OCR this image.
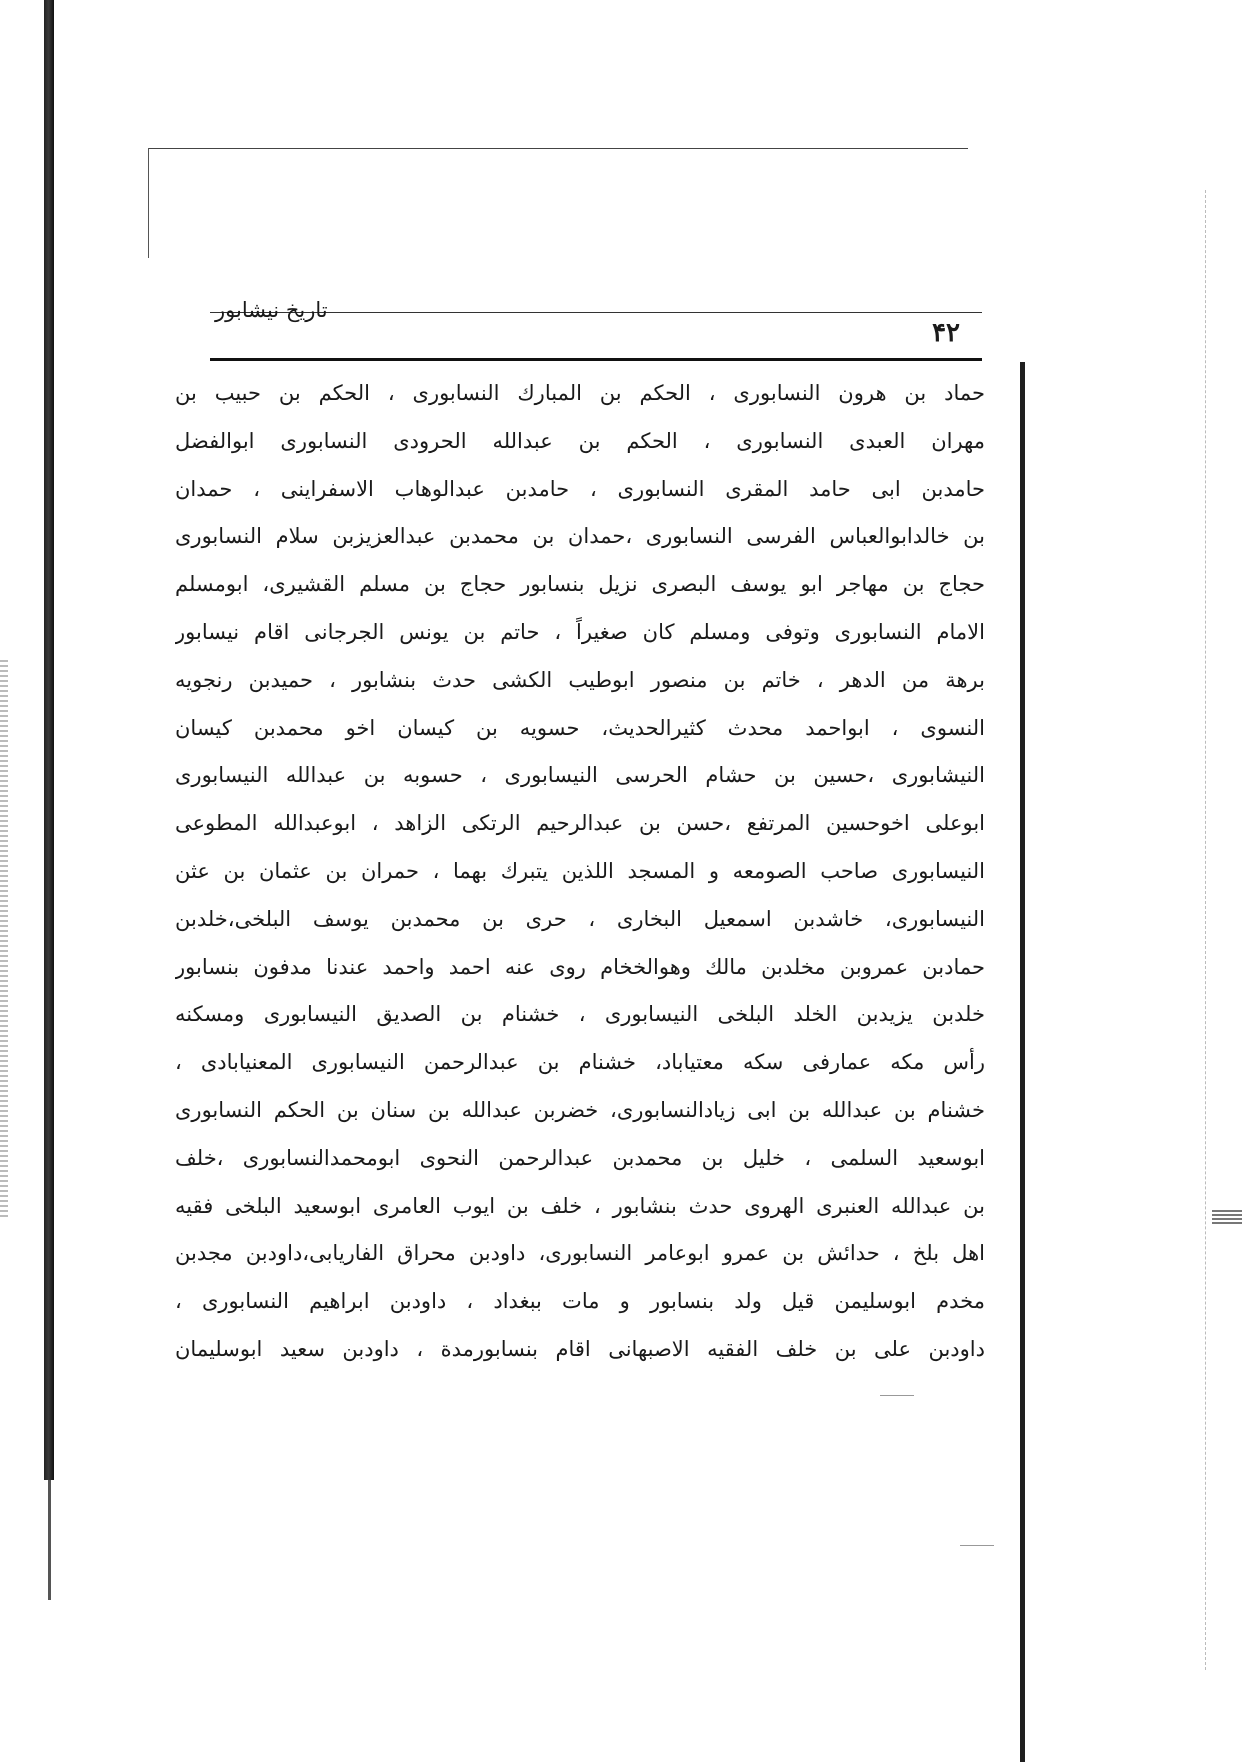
تاريخ نيشابور
۴۲
حماد بن هرون النسابوری ، الحکم بن المبارك النسابوری ، الحکم بن حبیب بن
مهران العبدی النسابوری ، الحکم بن عبدالله الحرودی النسابوری ابوالفضل
حامدبن ابی حامد المقری النسابوری ، حامدبن عبدالوهاب الاسفراینی ، حمدان
بن خالدابوالعباس الفرسی النسابوری ،حمدان بن محمدبن عبدالعزیزبن سلام النسابوری
حجاج بن مهاجر ابو یوسف البصری نزیل بنسابور حجاج بن مسلم القشیری، ابومسلم
الامام النسابوری وتوفی ومسلم کان صغیراً ، حاتم بن یونس الجرجانی اقام نیسابور
برهة من الدهر ، خاتم بن منصور ابوطیب الکشی حدث بنشابور ، حمیدبن رنجویه
النسوی ، ابواحمد محدث کثیرالحدیث، حسویه بن کیسان اخو محمدبن کیسان
النیشابوری ،حسین بن حشام الحرسی النیسابوری ، حسوبه بن عبدالله النیسابوری
ابوعلی اخوحسین المرتفع ،حسن بن عبدالرحیم الرتکی الزاهد ، ابوعبدالله المطوعی
النیسابوری صاحب الصومعه و المسجد اللذین یتبرك بهما ، حمران بن عثمان بن عثن
النیسابوری، خاشدبن اسمعیل البخاری ، حری بن محمدبن یوسف البلخی،خلدبن
حمادبن عمروبن مخلدبن مالك وهوالخخام روی عنه احمد واحمد عندنا مدفون بنسابور
خلدبن یزیدبن الخلد البلخی النیسابوری ، خشنام بن الصدیق النیسابوری ومسکنه
رأس مکه عمارفی سکه معتیاباد، خشنام بن عبدالرحمن النیسابوری المعنیابادی ،
خشنام بن عبدالله بن ابی زیادالنسابوری، خضربن عبدالله بن سنان بن الحکم النسابوری
ابوسعید السلمی ، خلیل بن محمدبن عبدالرحمن النحوی ابومحمدالنسابوری ،خلف
بن عبدالله العنبری الهروی حدث بنشابور ، خلف بن ایوب العامری ابوسعید البلخی فقیه
اهل بلخ ، حدائش بن عمرو ابوعامر النسابوری، داودبن محراق الفاریابی،داودبن مجدبن
مخدم ابوسلیمن قیل ولد بنسابور و مات ببغداد ، داودبن ابراهیم النسابوری ،
داودبن علی بن خلف الفقیه الاصبهانی اقام بنسابورمدة ، داودبن سعید ابوسلیمان
